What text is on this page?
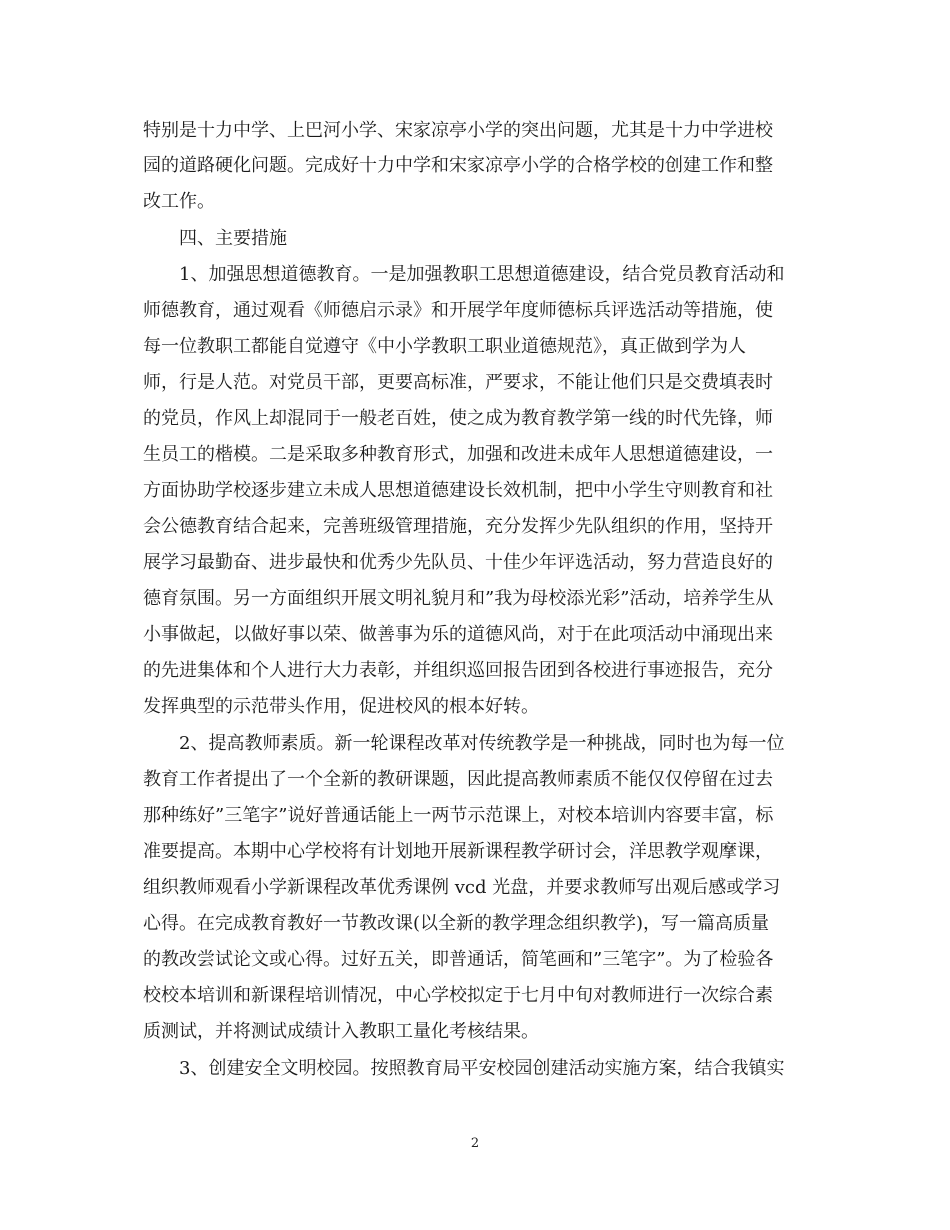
特别是十力中学、上巴河小学、宋家凉亭小学的突出问题，尤其是十力中学进校
园的道路硬化问题。完成好十力中学和宋家凉亭小学的合格学校的创建工作和整
改工作。
　　四、主要措施
　　1、加强思想道德教育。一是加强教职工思想道德建设，结合党员教育活动和
师德教育，通过观看《师德启示录》和开展学年度师德标兵评选活动等措施，使
每一位教职工都能自觉遵守《中小学教职工职业道德规范》，真正做到学为人
师，行是人范。对党员干部，更要高标准，严要求，不能让他们只是交费填表时
的党员，作风上却混同于一般老百姓，使之成为教育教学第一线的时代先锋，师
生员工的楷模。二是采取多种教育形式，加强和改进未成年人思想道德建设，一
方面协助学校逐步建立未成人思想道德建设长效机制，把中小学生守则教育和社
会公德教育结合起来，完善班级管理措施，充分发挥少先队组织的作用，坚持开
展学习最勤奋、进步最快和优秀少先队员、十佳少年评选活动，努力营造良好的
德育氛围。另一方面组织开展文明礼貌月和”我为母校添光彩”活动，培养学生从
小事做起，以做好事以荣、做善事为乐的道德风尚，对于在此项活动中涌现出来
的先进集体和个人进行大力表彰，并组织巡回报告团到各校进行事迹报告，充分
发挥典型的示范带头作用，促进校风的根本好转。
　　2、提高教师素质。新一轮课程改革对传统教学是一种挑战，同时也为每一位
教育工作者提出了一个全新的教研课题，因此提高教师素质不能仅仅停留在过去
那种练好”三笔字”说好普通话能上一两节示范课上，对校本培训内容要丰富，标
准要提高。本期中心学校将有计划地开展新课程教学研讨会，洋思教学观摩课，
组织教师观看小学新课程改革优秀课例 vcd 光盘，并要求教师写出观后感或学习
心得。在完成教育教好一节教改课(以全新的教学理念组织教学)，写一篇高质量
的教改尝试论文或心得。过好五关，即普通话，简笔画和”三笔字”。为了检验各
校校本培训和新课程培训情况，中心学校拟定于七月中旬对教师进行一次综合素
质测试，并将测试成绩计入教职工量化考核结果。
　　3、创建安全文明校园。按照教育局平安校园创建活动实施方案，结合我镇实
2
